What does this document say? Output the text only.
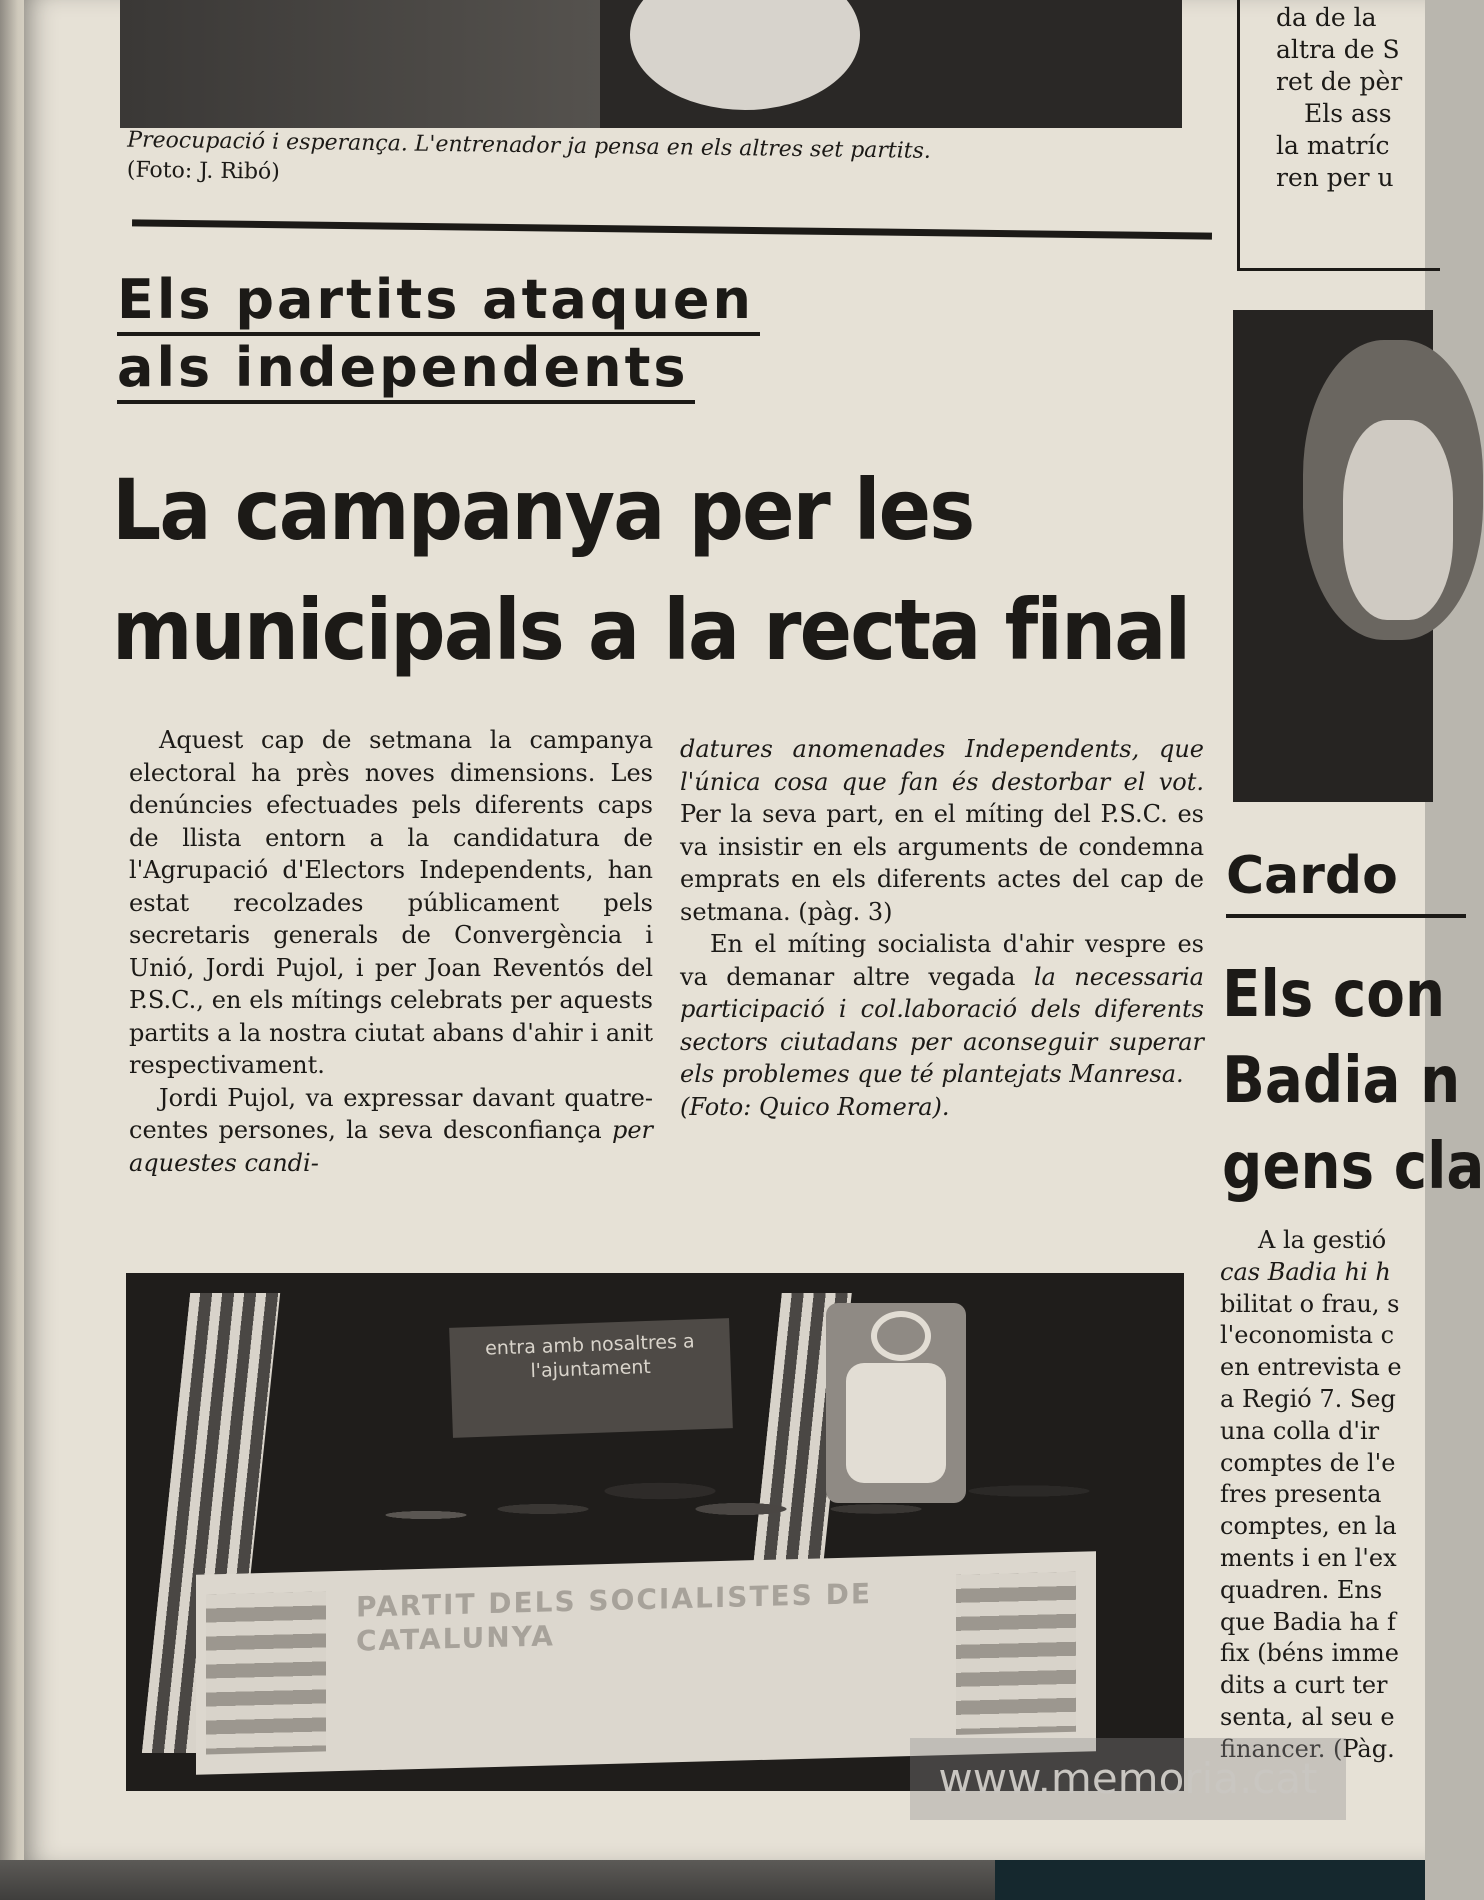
Preocupació i esperança. L'entrenador ja pensa en els altres set partits.
(Foto: J. Ribó)
da de la
altra de S
ret de pèr
Els ass
la matríc
ren per u
Els partits ataquen
als independents
La campanya per les
municipals a la recta final

Aquest cap de setmana la campanya electoral ha près noves dimensions. Les denúncies efectuades pels diferents caps de llista entorn a la candidatura de l'Agrupació d'Electors Independents, han estat recolzades públicament pels secretaris generals de Convergència i Unió, Jordi Pujol, i per Joan Reventós del P.S.C., en els mítings celebrats per aquests partits a la nostra ciutat abans d'ahir i anit respectivament.

Jordi Pujol, va expressar davant quatre-centes persones, la seva desconfiança per aquestes candi-

datures anomenades Independents, que l'única cosa que fan és destorbar el vot. Per la seva part, en el míting del P.S.C. es va insistir en els arguments de condemna emprats en els diferents actes del cap de setmana. (pàg. 3)

En el míting socialista d'ahir vespre es va demanar altre vegada la necessaria participació i col.laboració dels diferents sectors ciutadans per aconseguir superar els problemes que té plantejats Manresa.

(Foto: Quico Romera).

entra amb nosaltres a l'ajuntament
PARTIT DELS SOCIALISTES DE CATALUNYA
Cardo
Els con
Badia n
gens cla
A la gestió
cas Badia hi h
bilitat o frau, s
l'economista c
en entrevista e
a Regió 7. Seg
una colla d'ir
comptes de l'e
fres presenta
comptes, en la
ments i en l'ex
quadren. Ens
que Badia ha f
fix (béns imme
dits a curt ter
senta, al seu e
financer. (Pàg.
www.memoria.cat
